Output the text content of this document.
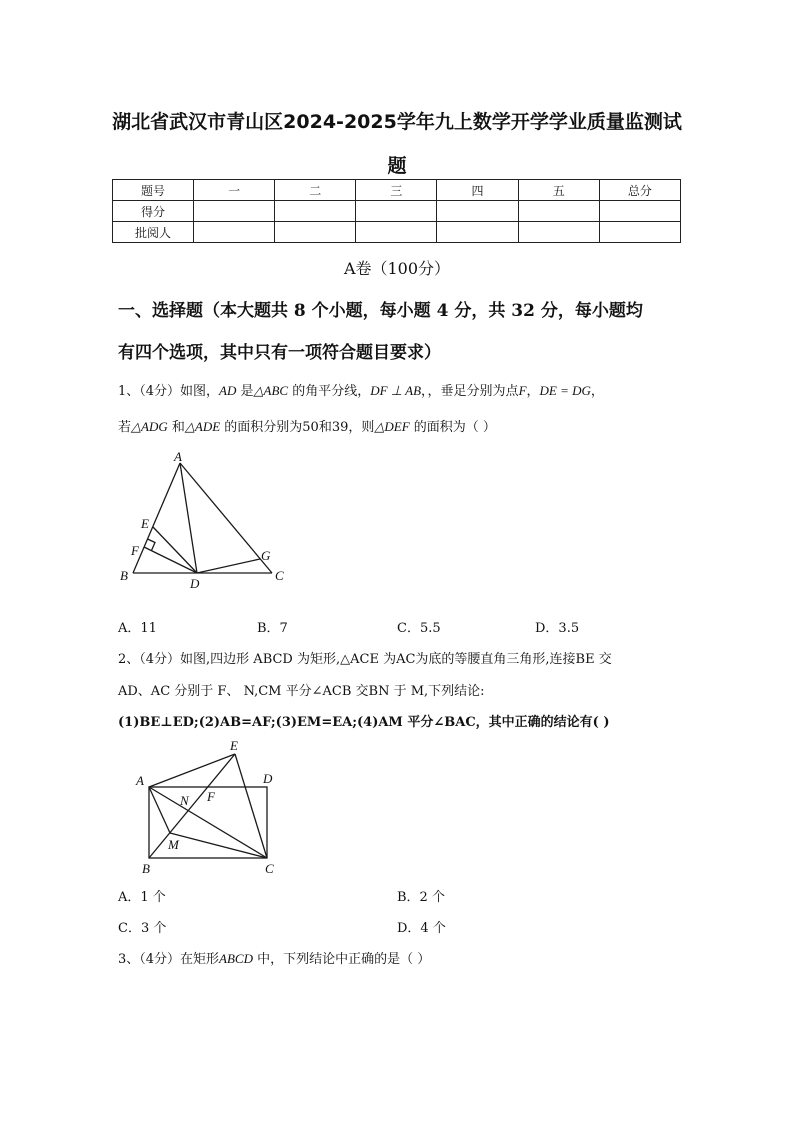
湖北省武汉市青山区2024-2025学年九上数学开学学业质量监测试
题
题号	一	二	三	四	五	总分
得分						
批阅人						
A卷（100分）
一、选择题（本大题共 8 个小题，每小题 4 分，共 32 分，每小题均
有四个选项，其中只有一项符合题目要求）
1、（4分）如图，AD 是△ABC 的角平分线，DF ⊥ AB，，垂足分别为点F，DE = DG，
若△ADG 和△ADE 的面积分别为50和39，则△DEF 的面积为（ ）
A
E
F
B
D
G
C
A．11	B．7	C．5.5	D．3.5
2、（4分）如图,四边形 ABCD 为矩形,△ACE 为AC为底的等腰直角三角形,连接BE 交
AD、AC 分别于 F、 N,CM 平分∠ACB 交BN 于 M,下列结论:
(1)BE⊥ED;(2)AB=AF;(3)EM=EA;(4)AM 平分∠BAC，其中正确的结论有( )
E
A	D
N F
M
B	C
A．1 个	B．2 个
C．3 个	D．4 个
3、（4分）在矩形ABCD 中，下列结论中正确的是（ ）
